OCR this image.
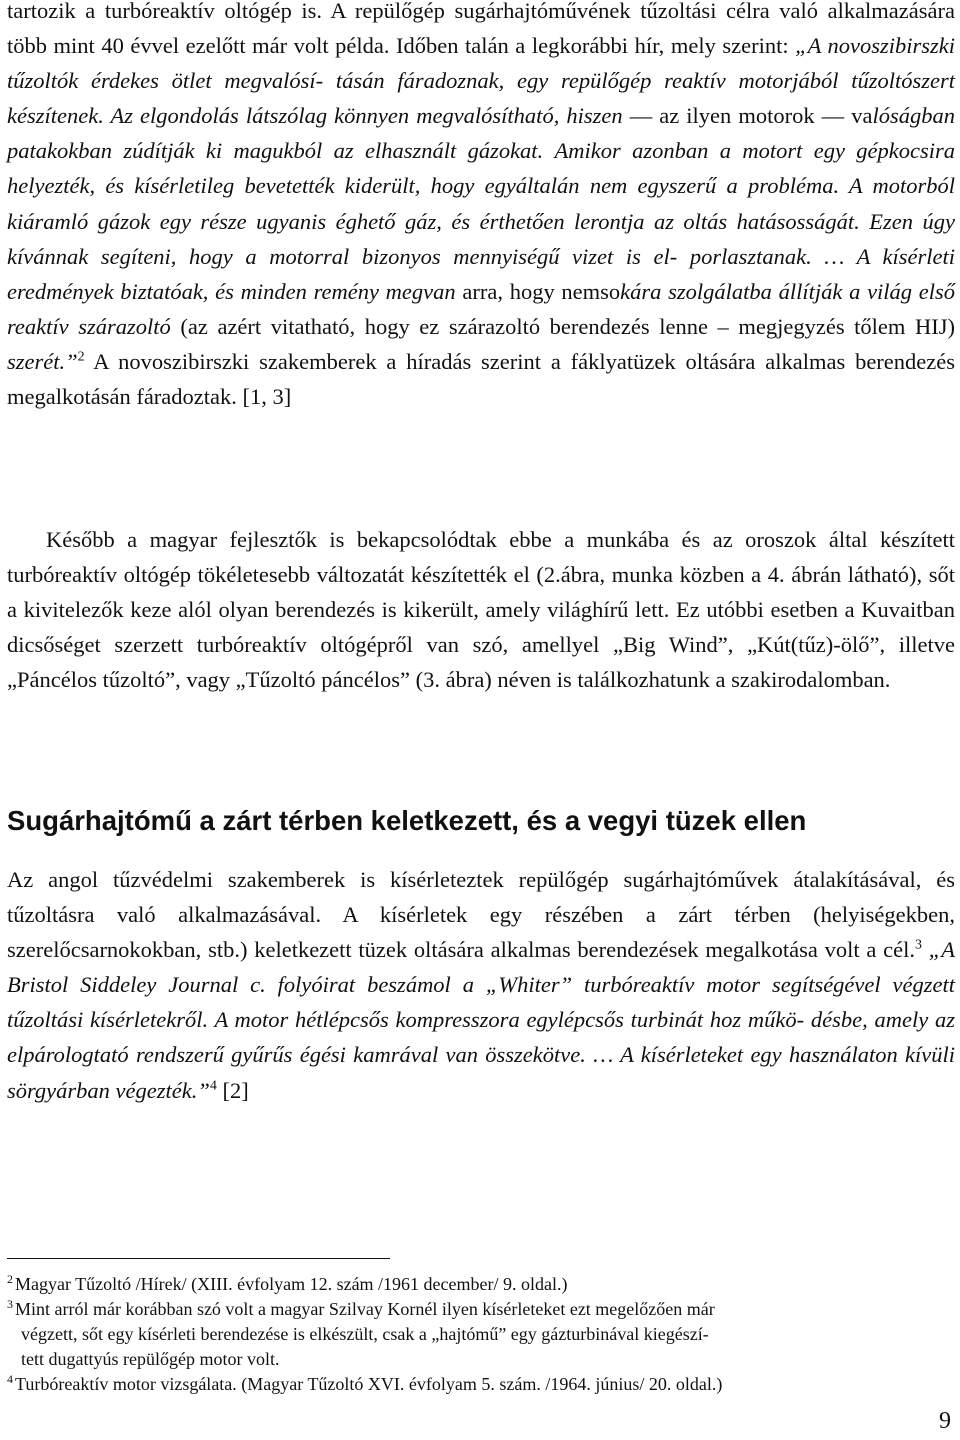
tartozik a turbóreaktív oltógép is. A repülőgép sugárhajtóművének tűzoltási célra való alkalmazására több mint 40 évvel ezelőtt már volt példa. Időben talán a legkorábbi hír, mely szerint: „A novoszibirszki tűzoltók érdekes ötlet megvalósí- tásán fáradoznak, egy repülőgép reaktív motorjából tűzoltószert készítenek. Az elgondolás látszólag könnyen megvalósítható, hiszen — az ilyen motorok — valóságban patakokban zúdítják ki magukból az elhasznált gázokat. Amikor azonban a motort egy gépkocsira helyezték, és kísérletileg bevetették kiderült, hogy egyáltalán nem egyszerű a probléma. A motorból kiáramló gázok egy része ugyanis éghető gáz, és érthetően lerontja az oltás hatásosságát. Ezen úgy kívánnak segíteni, hogy a motorral bizonyos mennyiségű vizet is el- porlasztanak. … A kísérleti eredmények biztatóak, és minden remény megvan arra, hogy nemsokára szolgálatba állítják a világ első reaktív szárazoltó (az azért vitatható, hogy ez szárazoltó berendezés lenne – megjegyzés tőlem HIJ) szerét.”$^2$ A novoszibirszki szakemberek a híradás szerint a fáklyatüzek oltására alkalmas berendezés megalkotásán fáradoztak. [1, 3]

Később a magyar fejlesztők is bekapcsolódtak ebbe a munkába és az oroszok által készített turbóreaktív oltógép tökéletesebb változatát készítették el (2.ábra, munka közben a 4. ábrán látható), sőt a kivitelezők keze alól olyan berendezés is kikerült, amely világhírű lett. Ez utóbbi esetben a Kuvaitban dicsőséget szerzett turbóreaktív oltógépről van szó, amellyel „Big Wind”, „Kút(tűz)-ölő”, illetve „Páncélos tűzoltó”, vagy „Tűzoltó páncélos” (3. ábra) néven is találkozhatunk a szakirodalomban.

Sugárhajtómű a zárt térben keletkezett, és a vegyi tüzek ellen

Az angol tűzvédelmi szakemberek is kísérleteztek repülőgép sugárhajtóművek átalakításával, és tűzoltásra való alkalmazásával. A kísérletek egy részében a zárt térben (helyiségekben, szerelőcsarnokokban, stb.) keletkezett tüzek oltására alkalmas berendezések megalkotása volt a cél.$^3$ „A Bristol Siddeley Journal c. folyóirat beszámol a „Whiter” turbóreaktív motor segítségével végzett tűzoltási kísérletekről. A motor hétlépcsős kompresszora egylépcsős turbinát hoz műkö- désbe, amely az elpárologtató rendszerű gyűrűs égési kamrával van összekötve. … A kísérleteket egy használaton kívüli sörgyárban végezték.”$^4$ [2]

$^2$ Magyar Tűzoltó /Hírek/ (XIII. évfolyam 12. szám /1961 december/ 9. oldal.)

$^3$ Mint arról már korábban szó volt a magyar Szilvay Kornél ilyen kísérleteket ezt megelőzően már

végzett, sőt egy kísérleti berendezése is elkészült, csak a „hajtómű” egy gázturbinával kiegészí-

tett dugattyús repülőgép motor volt.

$^4$ Turbóreaktív motor vizsgálata. (Magyar Tűzoltó XVI. évfolyam 5. szám. /1964. június/ 20. oldal.)

9
